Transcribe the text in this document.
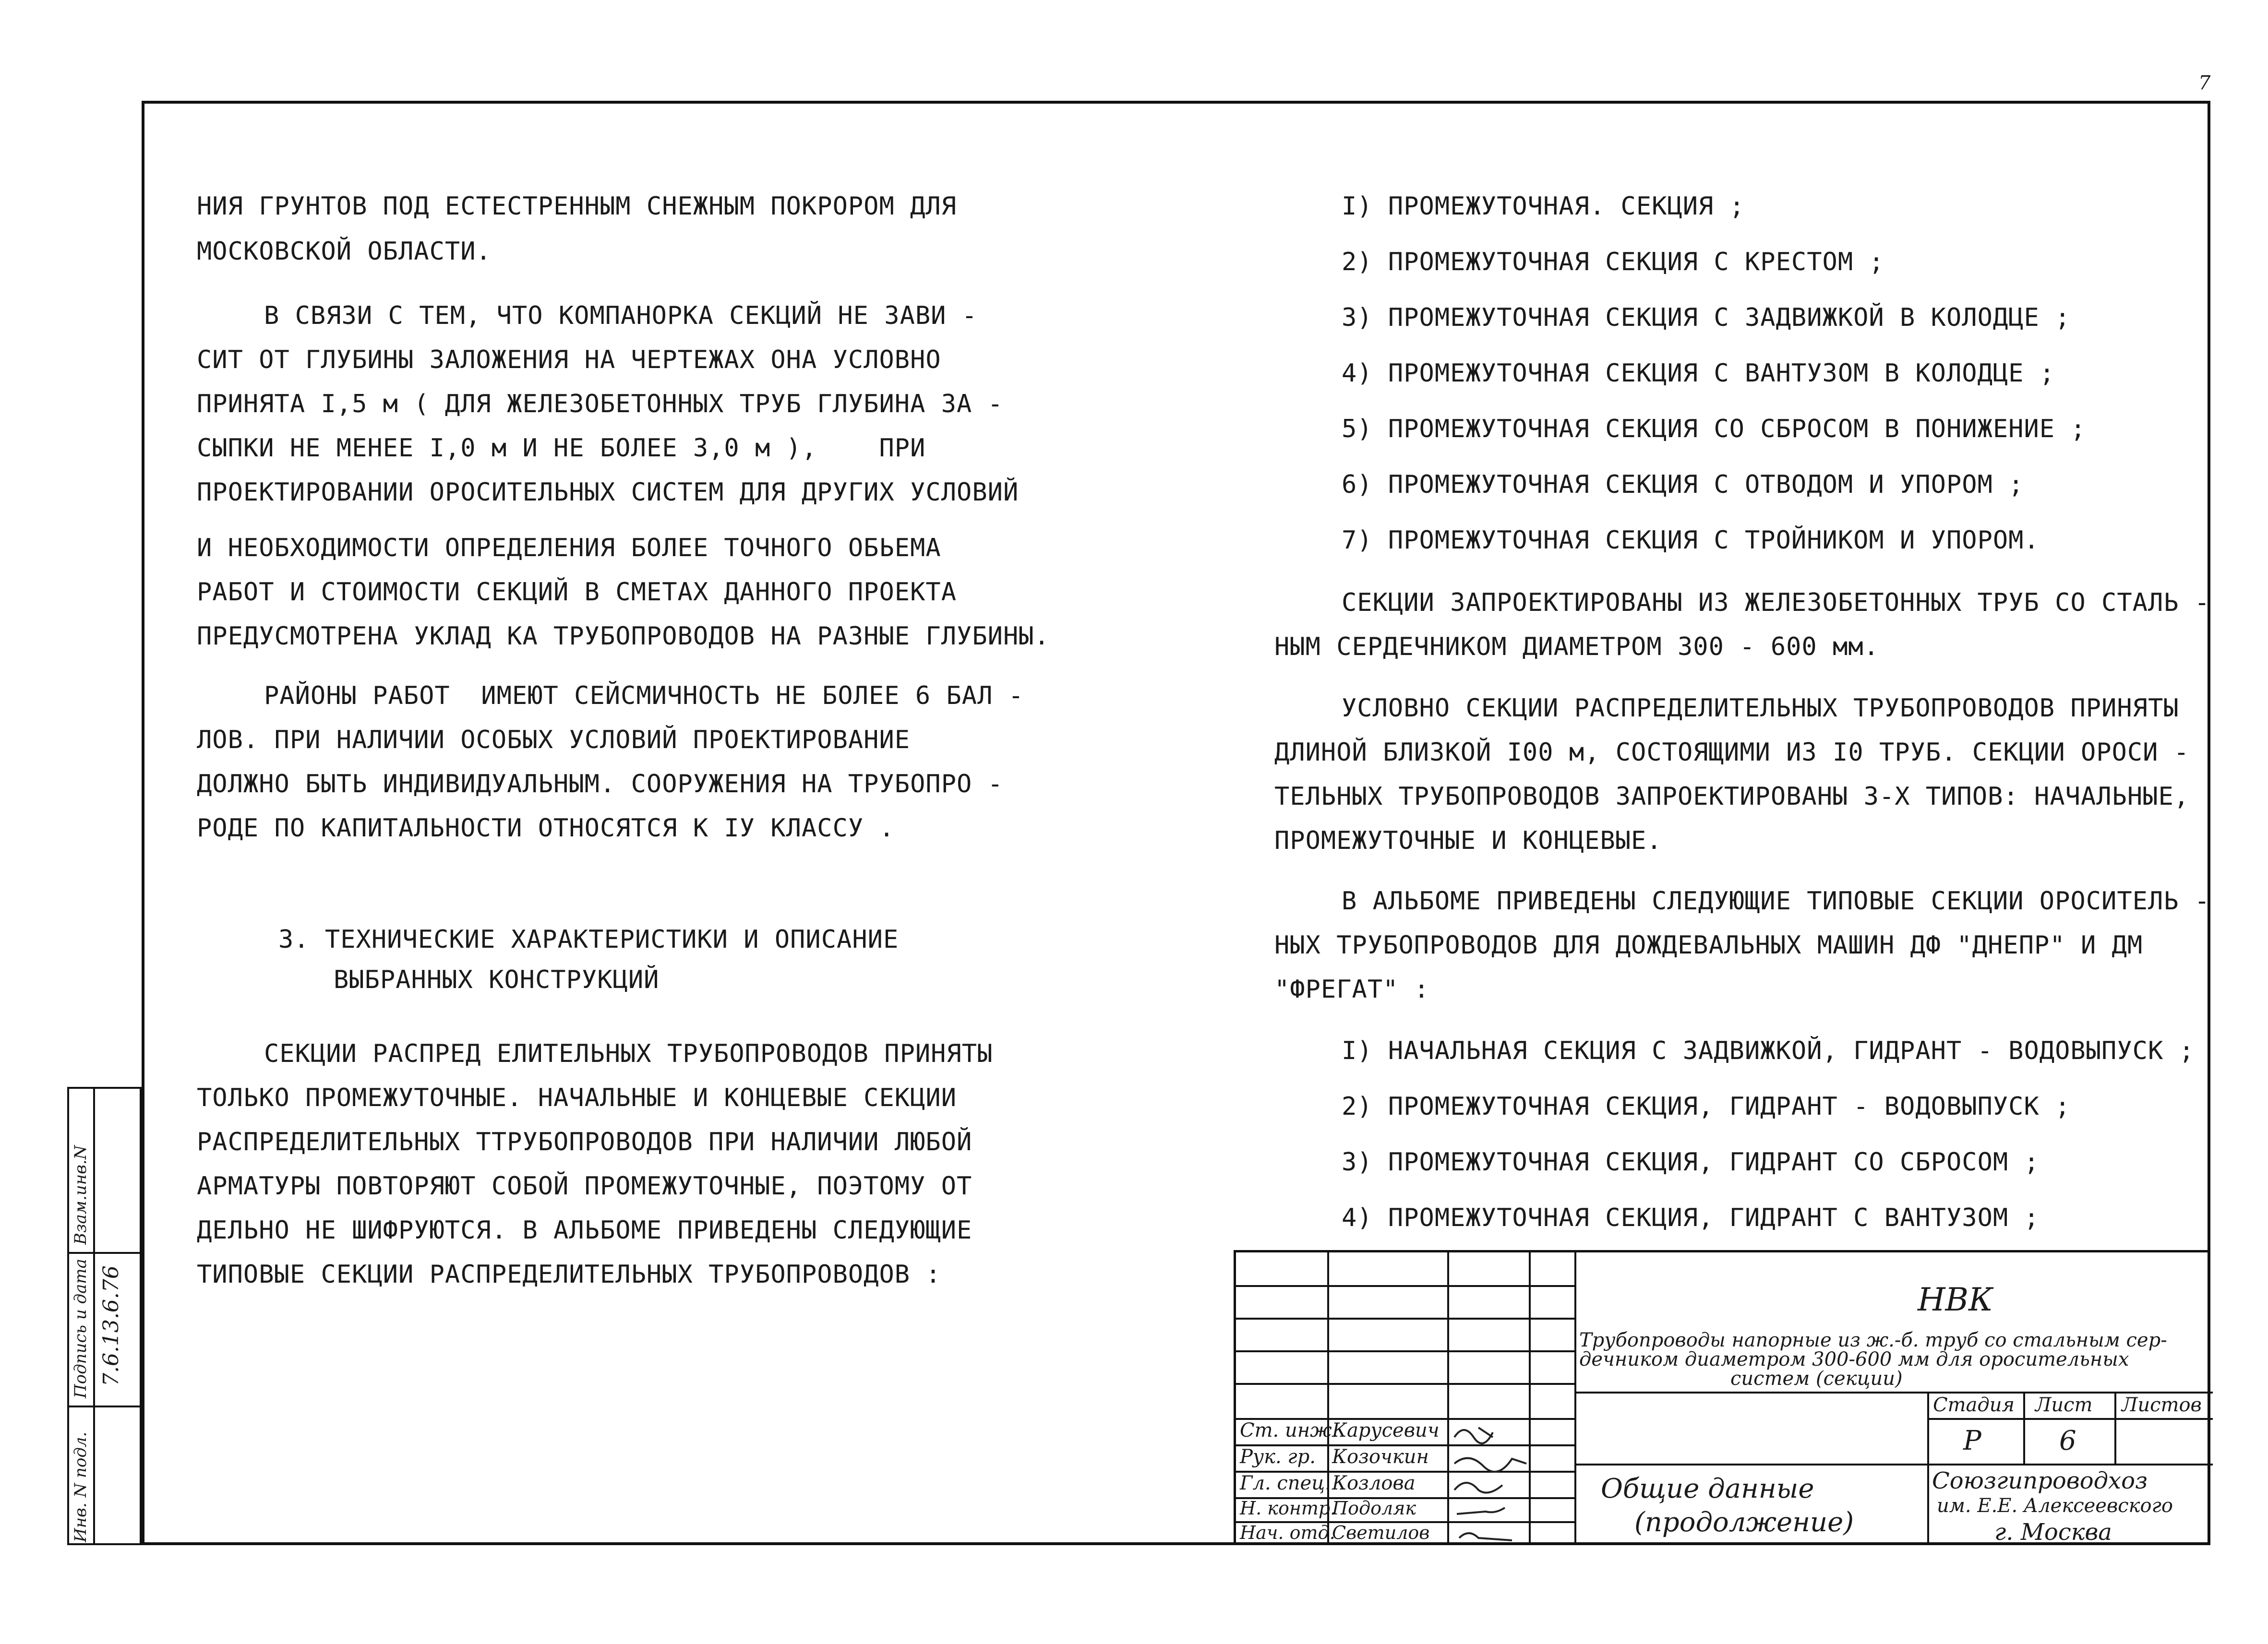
7
НИЯ ГРУНТОВ ПОД ЕСТЕСТРЕННЫМ СНЕЖНЫМ ПОКРОРОМ ДЛЯ
МОСКОВСКОЙ ОБЛАСТИ.
В СВЯЗИ С ТЕМ, ЧТО КОМПАНОРКА СЕКЦИЙ НЕ ЗАВИ -
СИТ ОТ ГЛУБИНЫ ЗАЛОЖЕНИЯ НА ЧЕРТЕЖАХ ОНА УСЛОВНО
ПРИНЯТА I,5 м ( ДЛЯ ЖЕЛЕЗОБЕТОННЫХ ТРУБ ГЛУБИНА ЗА -
СЫПКИ НЕ МЕНЕЕ I,0 м И НЕ БОЛЕЕ 3,0 м ),    ПРИ
ПРОЕКТИРОВАНИИ ОРОСИТЕЛЬНЫХ СИСТЕМ ДЛЯ ДРУГИХ УСЛОВИЙ
И НЕОБХОДИМОСТИ ОПРЕДЕЛЕНИЯ БОЛЕЕ ТОЧНОГО ОБЬЕМА
РАБОТ И СТОИМОСТИ СЕКЦИЙ В СМЕТАХ ДАННОГО ПРОЕКТА
ПРЕДУСМОТРЕНА УКЛАД КА ТРУБОПРОВОДОВ НА РАЗНЫЕ ГЛУБИНЫ.
РАЙОНЫ РАБОТ  ИМЕЮТ СЕЙСМИЧНОСТЬ НЕ БОЛЕЕ 6 БАЛ -
ЛОВ. ПРИ НАЛИЧИИ ОСОБЫХ УСЛОВИЙ ПРОЕКТИРОВАНИЕ
ДОЛЖНО БЫТЬ ИНДИВИДУАЛЬНЫМ. СООРУЖЕНИЯ НА ТРУБОПРО -
РОДЕ ПО КАПИТАЛЬНОСТИ ОТНОСЯТСЯ К IУ КЛАССУ .
3. ТЕХНИЧЕСКИЕ ХАРАКТЕРИСТИКИ И ОПИСАНИЕ
ВЫБРАННЫХ КОНСТРУКЦИЙ
СЕКЦИИ РАСПРЕД ЕЛИТЕЛЬНЫХ ТРУБОПРОВОДОВ ПРИНЯТЫ
ТОЛЬКО ПРОМЕЖУТОЧНЫЕ. НАЧАЛЬНЫЕ И КОНЦЕВЫЕ СЕКЦИИ
РАСПРЕДЕЛИТЕЛЬНЫХ ТТРУБОПРОВОДОВ ПРИ НАЛИЧИИ ЛЮБОЙ
АРМАТУРЫ ПОВТОРЯЮТ СОБОЙ ПРОМЕЖУТОЧНЫЕ, ПОЭТОМУ ОТ
ДЕЛЬНО НЕ ШИФРУЮТСЯ. В АЛЬБОМЕ ПРИВЕДЕНЫ СЛЕДУЮЩИЕ
ТИПОВЫЕ СЕКЦИИ РАСПРЕДЕЛИТЕЛЬНЫХ ТРУБОПРОВОДОВ :
I) ПРОМЕЖУТОЧНАЯ. СЕКЦИЯ ;
2) ПРОМЕЖУТОЧНАЯ СЕКЦИЯ С КРЕСТОМ ;
3) ПРОМЕЖУТОЧНАЯ СЕКЦИЯ С ЗАДВИЖКОЙ В КОЛОДЦЕ ;
4) ПРОМЕЖУТОЧНАЯ СЕКЦИЯ С ВАНТУЗОМ В КОЛОДЦЕ ;
5) ПРОМЕЖУТОЧНАЯ СЕКЦИЯ СО СБРОСОМ В ПОНИЖЕНИЕ ;
6) ПРОМЕЖУТОЧНАЯ СЕКЦИЯ С ОТВОДОМ И УПОРОМ ;
7) ПРОМЕЖУТОЧНАЯ СЕКЦИЯ С ТРОЙНИКОМ И УПОРОМ.
СЕКЦИИ ЗАПРОЕКТИРОВАНЫ ИЗ ЖЕЛЕЗОБЕТОННЫХ ТРУБ СО СТАЛЬ -
НЫМ СЕРДЕЧНИКОМ ДИАМЕТРОМ 300 - 600 мм.
УСЛОВНО СЕКЦИИ РАСПРЕДЕЛИТЕЛЬНЫХ ТРУБОПРОВОДОВ ПРИНЯТЫ
ДЛИНОЙ БЛИЗКОЙ I00 м, СОСТОЯЩИМИ ИЗ I0 ТРУБ. СЕКЦИИ ОРОСИ -
ТЕЛЬНЫХ ТРУБОПРОВОДОВ ЗАПРОЕКТИРОВАНЫ 3-Х ТИПОВ: НАЧАЛЬНЫЕ,
ПРОМЕЖУТОЧНЫЕ И КОНЦЕВЫЕ.
В АЛЬБОМЕ ПРИВЕДЕНЫ СЛЕДУЮЩИЕ ТИПОВЫЕ СЕКЦИИ ОРОСИТЕЛЬ -
НЫХ ТРУБОПРОВОДОВ ДЛЯ ДОЖДЕВАЛЬНЫХ МАШИН ДФ "ДНЕПР" И ДМ
"ФРЕГАТ" :
I) НАЧАЛЬНАЯ СЕКЦИЯ С ЗАДВИЖКОЙ, ГИДРАНТ - ВОДОВЫПУСК ;
2) ПРОМЕЖУТОЧНАЯ СЕКЦИЯ, ГИДРАНТ - ВОДОВЫПУСК ;
3) ПРОМЕЖУТОЧНАЯ СЕКЦИЯ, ГИДРАНТ СО СБРОСОМ ;
4) ПРОМЕЖУТОЧНАЯ СЕКЦИЯ, ГИДРАНТ С ВАНТУЗОМ ;
Взам.инв.N
Подпись и дата
Инв. N подл.
7.6.13.6.76
Ст. инж.
Карусевич
Рук. гр. Козочкин
Гл. спец. Козлова
Н. контр.
Подоляк
Нач. отд.
Светилов
НВК
Трубопроводы напорные из ж.-б. труб со стальным сер-
дечником диаметром 300-600 мм для оросительных
систем (секции)
Стадия Лист Листов
Р	6
Общие данные
(продолжение)
Союзгипроводхоз
им. Е.Е. Алексеевского
г. Москва
